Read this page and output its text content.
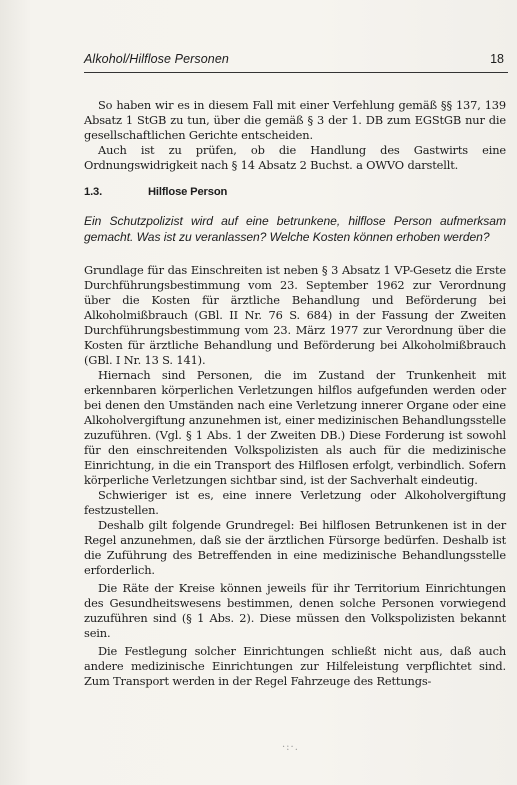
Alkohol/Hilflose Personen	18

So haben wir es in diesem Fall mit einer Verfehlung gemäß §§ 137, 139 Absatz 1 StGB zu tun, über die gemäß § 3 der 1. DB zum EGStGB nur die gesellschaftlichen Gerichte entscheiden.

Auch ist zu prüfen, ob die Handlung des Gastwirts eine Ordnungswidrigkeit nach § 14 Absatz 2 Buchst. a OWVO darstellt.

1.3.	Hilflose Person

Ein Schutzpolizist wird auf eine betrunkene, hilflose Person aufmerksam gemacht. Was ist zu veranlassen? Welche Kosten können erhoben werden?

Grundlage für das Einschreiten ist neben § 3 Absatz 1 VP-Gesetz die Erste Durchführungsbestimmung vom 23. September 1962 zur Verordnung über die Kosten für ärztliche Behandlung und Beförderung bei Alkoholmißbrauch (GBl. II Nr. 76 S. 684) in der Fassung der Zweiten Durchführungsbestimmung vom 23. März 1977 zur Verordnung über die Kosten für ärztliche Behandlung und Beförderung bei Alkoholmißbrauch (GBl. I Nr. 13 S. 141).

Hiernach sind Personen, die im Zustand der Trunkenheit mit erkennbaren körperlichen Verletzungen hilflos aufgefunden werden oder bei denen den Umständen nach eine Verletzung innerer Organe oder eine Alkoholvergiftung anzunehmen ist, einer medizinischen Behandlungsstelle zuzuführen. (Vgl. § 1 Abs. 1 der Zweiten DB.) Diese Forderung ist sowohl für den einschreitenden Volkspolizisten als auch für die medizinische Einrichtung, in die ein Transport des Hilflosen erfolgt, verbindlich. Sofern körperliche Verletzungen sichtbar sind, ist der Sachverhalt eindeutig.

Schwieriger ist es, eine innere Verletzung oder Alkoholvergiftung festzustellen.

Deshalb gilt folgende Grundregel: Bei hilflosen Betrunkenen ist in der Regel anzunehmen, daß sie der ärztlichen Fürsorge bedürfen. Deshalb ist die Zuführung des Betreffenden in eine medizinische Behandlungsstelle erforderlich.

Die Räte der Kreise können jeweils für ihr Territorium Einrichtungen des Gesundheitswesens bestimmen, denen solche Personen vorwiegend zuzuführen sind (§ 1 Abs. 2). Diese müssen den Volkspolizisten bekannt sein.

Die Festlegung solcher Einrichtungen schließt nicht aus, daß auch andere medizinische Einrichtungen zur Hilfeleistung verpflichtet sind. Zum Transport werden in der Regel Fahrzeuge des Rettungs-

·:·.
